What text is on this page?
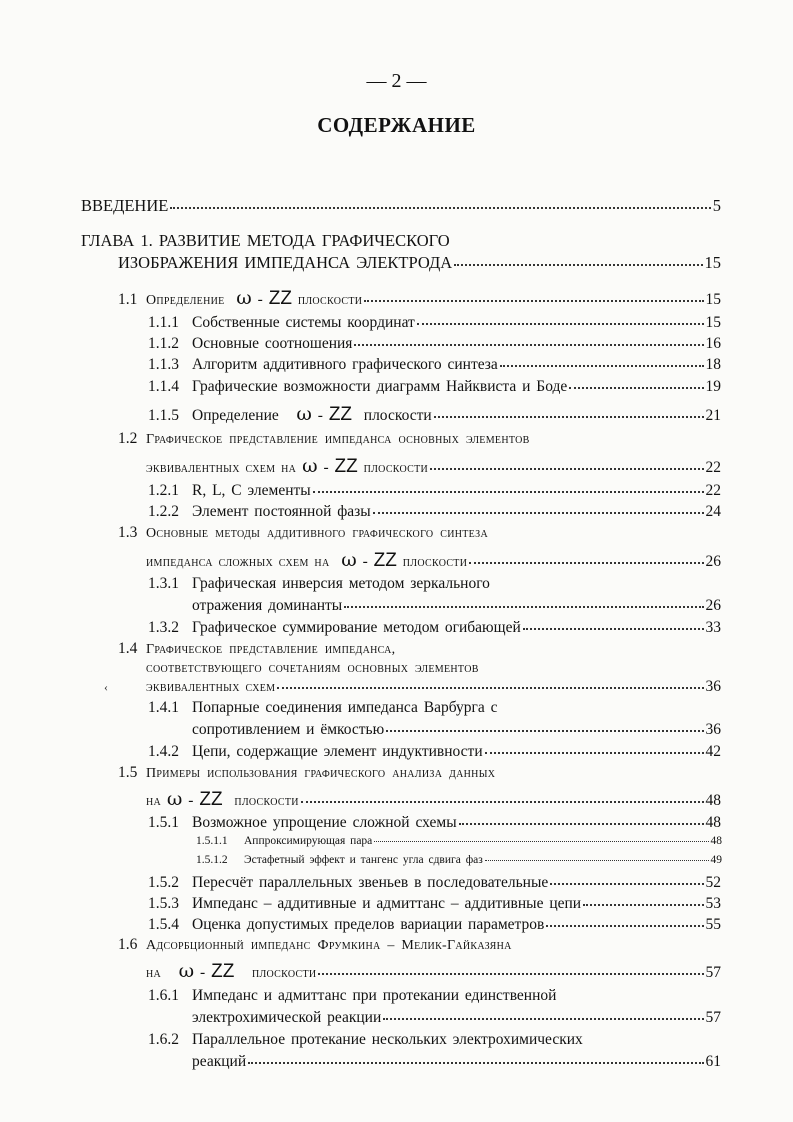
— 2 —
СОДЕРЖАНИЕ
ВВЕДЕНИЕ	5
ГЛАВА 1. РАЗВИТИЕ МЕТОДА ГРАФИЧЕСКОГО
ИЗОБРАЖЕНИЯ ИМПЕДАНСА ЭЛЕКТРОДА	15
1.1 Определение ω - ZZ плоскости	15
1.1.1 Собственные системы координат	15
1.1.2 Основные соотношения	16
1.1.3 Алгоритм аддитивного графического синтеза	18
1.1.4 Графические возможности диаграмм Найквиста и Боде	19
1.1.5 Определение ω - ZZ плоскости	21
1.2 Графическое представление импеданса основных элементов
эквивалентных схем на ω - ZZ плоскости	22
1.2.1 R, L, C элементы	22
1.2.2 Элемент постоянной фазы	24
1.3 Основные методы аддитивного графического синтеза
импеданса сложных схем на ω - ZZ плоскости	26
1.3.1 Графическая инверсия методом зеркального
отражения доминанты	26
1.3.2 Графическое суммирование методом огибающей	33
1.4 Графическое представление импеданса,
соответствующего сочетаниям основных элементов
‹	эквивалентных схем	36
1.4.1 Попарные соединения импеданса Варбурга с
сопротивлением и ёмкостью	36
1.4.2 Цепи, содержащие элемент индуктивности	42
1.5 Примеры использования графического анализа данных
на ω - ZZ плоскости	48
1.5.1 Возможное упрощение сложной схемы	48
1.5.1.1	Аппроксимирующая пара	48
1.5.1.2	Эстафетный эффект и тангенс угла сдвига фаз	49
1.5.2 Пересчёт параллельных звеньев в последовательные	52
1.5.3 Импеданс – аддитивные и адмиттанс – аддитивные цепи	53
1.5.4 Оценка допустимых пределов вариации параметров	55
1.6 Адсорбционный импеданс Фрумкина – Мелик-Гайказяна
на ω - ZZ	плоскости	57
1.6.1 Импеданс и адмиттанс при протекании единственной
электрохимической реакции	57
1.6.2 Параллельное протекание нескольких электрохимических
реакций	61
